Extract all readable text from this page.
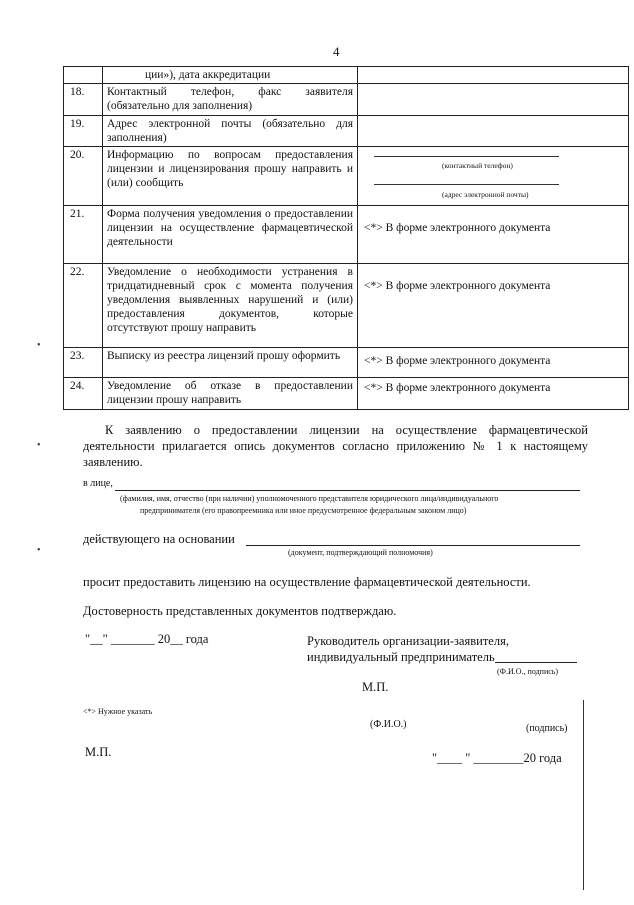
4
	ции»), дата аккредитации	
18.	Контактный телефон, факс заявителя (обязательно для заполнения)	
19.	Адрес электронной почты (обязательно для заполнения)	
20.	Информацию по вопросам предоставления лицензии и лицензирования прошу направить и (или) сообщить	(контактный телефон)
(адрес электронной почты)

21.	Форма получения уведомления о предоставлении лицензии на осуществление фармацевтической деятельности	<*> В форме электронного документа
22.	Уведомление о необходимости устранения в тридцатидневный срок с момента получения уведомления выявленных нарушений и (или) предоставления документов, которые отсутствуют прошу направить	<*> В форме электронного документа
23.	Выписку из реестра лицензий прошу оформить	<*> В форме электронного документа
24.	Уведомление об отказе в предоставлении лицензии прошу направить	<*> В форме электронного документа
К заявлению о предоставлении лицензии на осуществление фармацевтической деятельности прилагается опись документов согласно приложению № 1 к настоящему заявлению.
в лице,
(фамилия, имя, отчество (при наличии) уполномоченного представителя юридического лица/индивидуального
предпринимателя (его правопреемника или иное предусмотренное федеральным законом лицо)
действующего на основании
(документ, подтверждающий полномочия)
просит предоставить лицензию на осуществление фармацевтической деятельности.
Достоверность представленных документов подтверждаю.
"__" _______ 20__ года	Руководитель организации-заявителя,
индивидуальный предприниматель
(Ф.И.О., подпись)
М.П.
<*> Нужное указать
(Ф.И.О.)	(подпись)
М.П.	"____ " ________20 года
•
•
•
